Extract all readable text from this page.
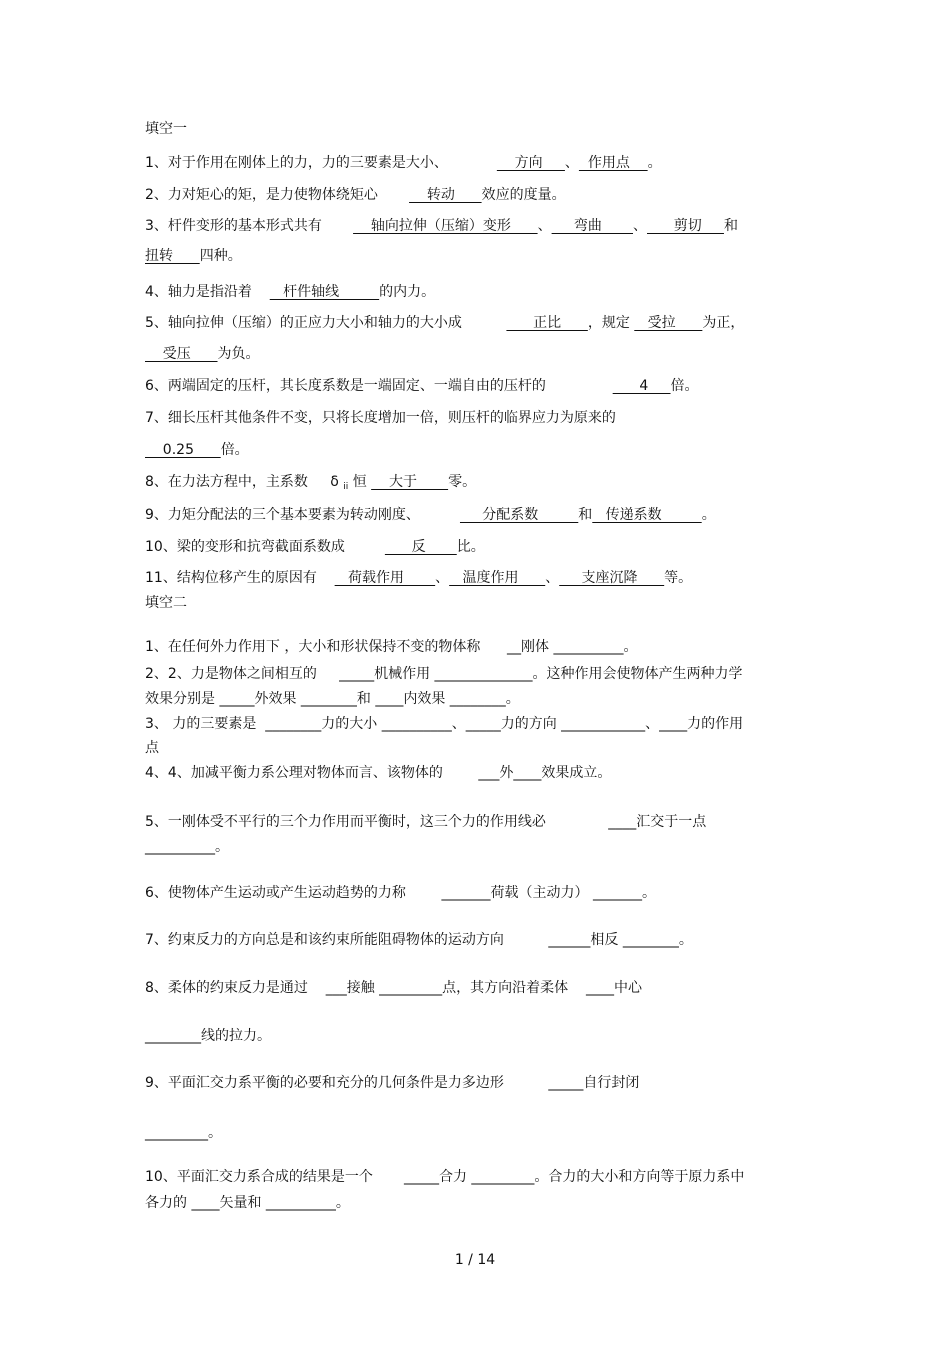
填空一
1、对于作用在刚体上的力，力的三要素是大小、	方向     、  作用点    。
2、力对矩心的矩，是力使物体绕矩心           转动      效应的度量。
3、杆件变形的基本形式共有           轴向拉伸（压缩）变形      、     弯曲       、      剪切     和
扭转      四种。
4、轴力是指沿着       杆件轴线         的内力。
5、轴向拉伸（压缩）的正应力大小和轴力的大小成	正比      ，规定    受拉      为正，
受压      为负。
6、两端固定的压杆，其长度系数是一端固定、一端自由的压杆的	4     倍。
7、细长压杆其他条件不变，只将长度增加一倍，则压杆的临界应力为原来的
0.25      倍。
8、在力法方程中，主系数 δ $_{ii}$ 恒     大于       零。
9、力矩分配法的三个基本要素为转动刚度、	分配系数         和   传递系数         。
10、梁的变形和抗弯截面系数成	反       比。
11、结构位移产生的原因有       荷载作用       、   温度作用      、     支座沉降      等。
填空二
1、在任何外力作用下 ，大小和形状保持不变的物体称      __刚体 __________。
2、2、力是物体之间相互的     _____机械作用 ______________。这种作用会使物体产生两种力学
效果分别是 _____外效果 ________和 ____内效果 ________。
3、 力的三要素是  ________力的大小 __________、_____力的方向 ____________、____力的作用
点
4、4、加减平衡力系公理对物体而言、该物体的        ___外____效果成立。
5、一刚体受不平行的三个力作用而平衡时，这三个力的作用线必              ____汇交于一点
__________。
6、使物体产生运动或产生运动趋势的力称        _______荷载（主动力） _______。
7、约束反力的方向总是和该约束所能阻碍物体的运动方向          ______相反 ________。
8、柔体的约束反力是通过    ___接触 _________点，其方向沿着柔体    ____中心
________线的拉力。
9、平面汇交力系平衡的必要和充分的几何条件是力多边形          _____自行封闭
_________。
10、平面汇交力系合成的结果是一个       _____合力 _________。合力的大小和方向等于原力系中
各力的 ____矢量和 __________。
1 / 14
